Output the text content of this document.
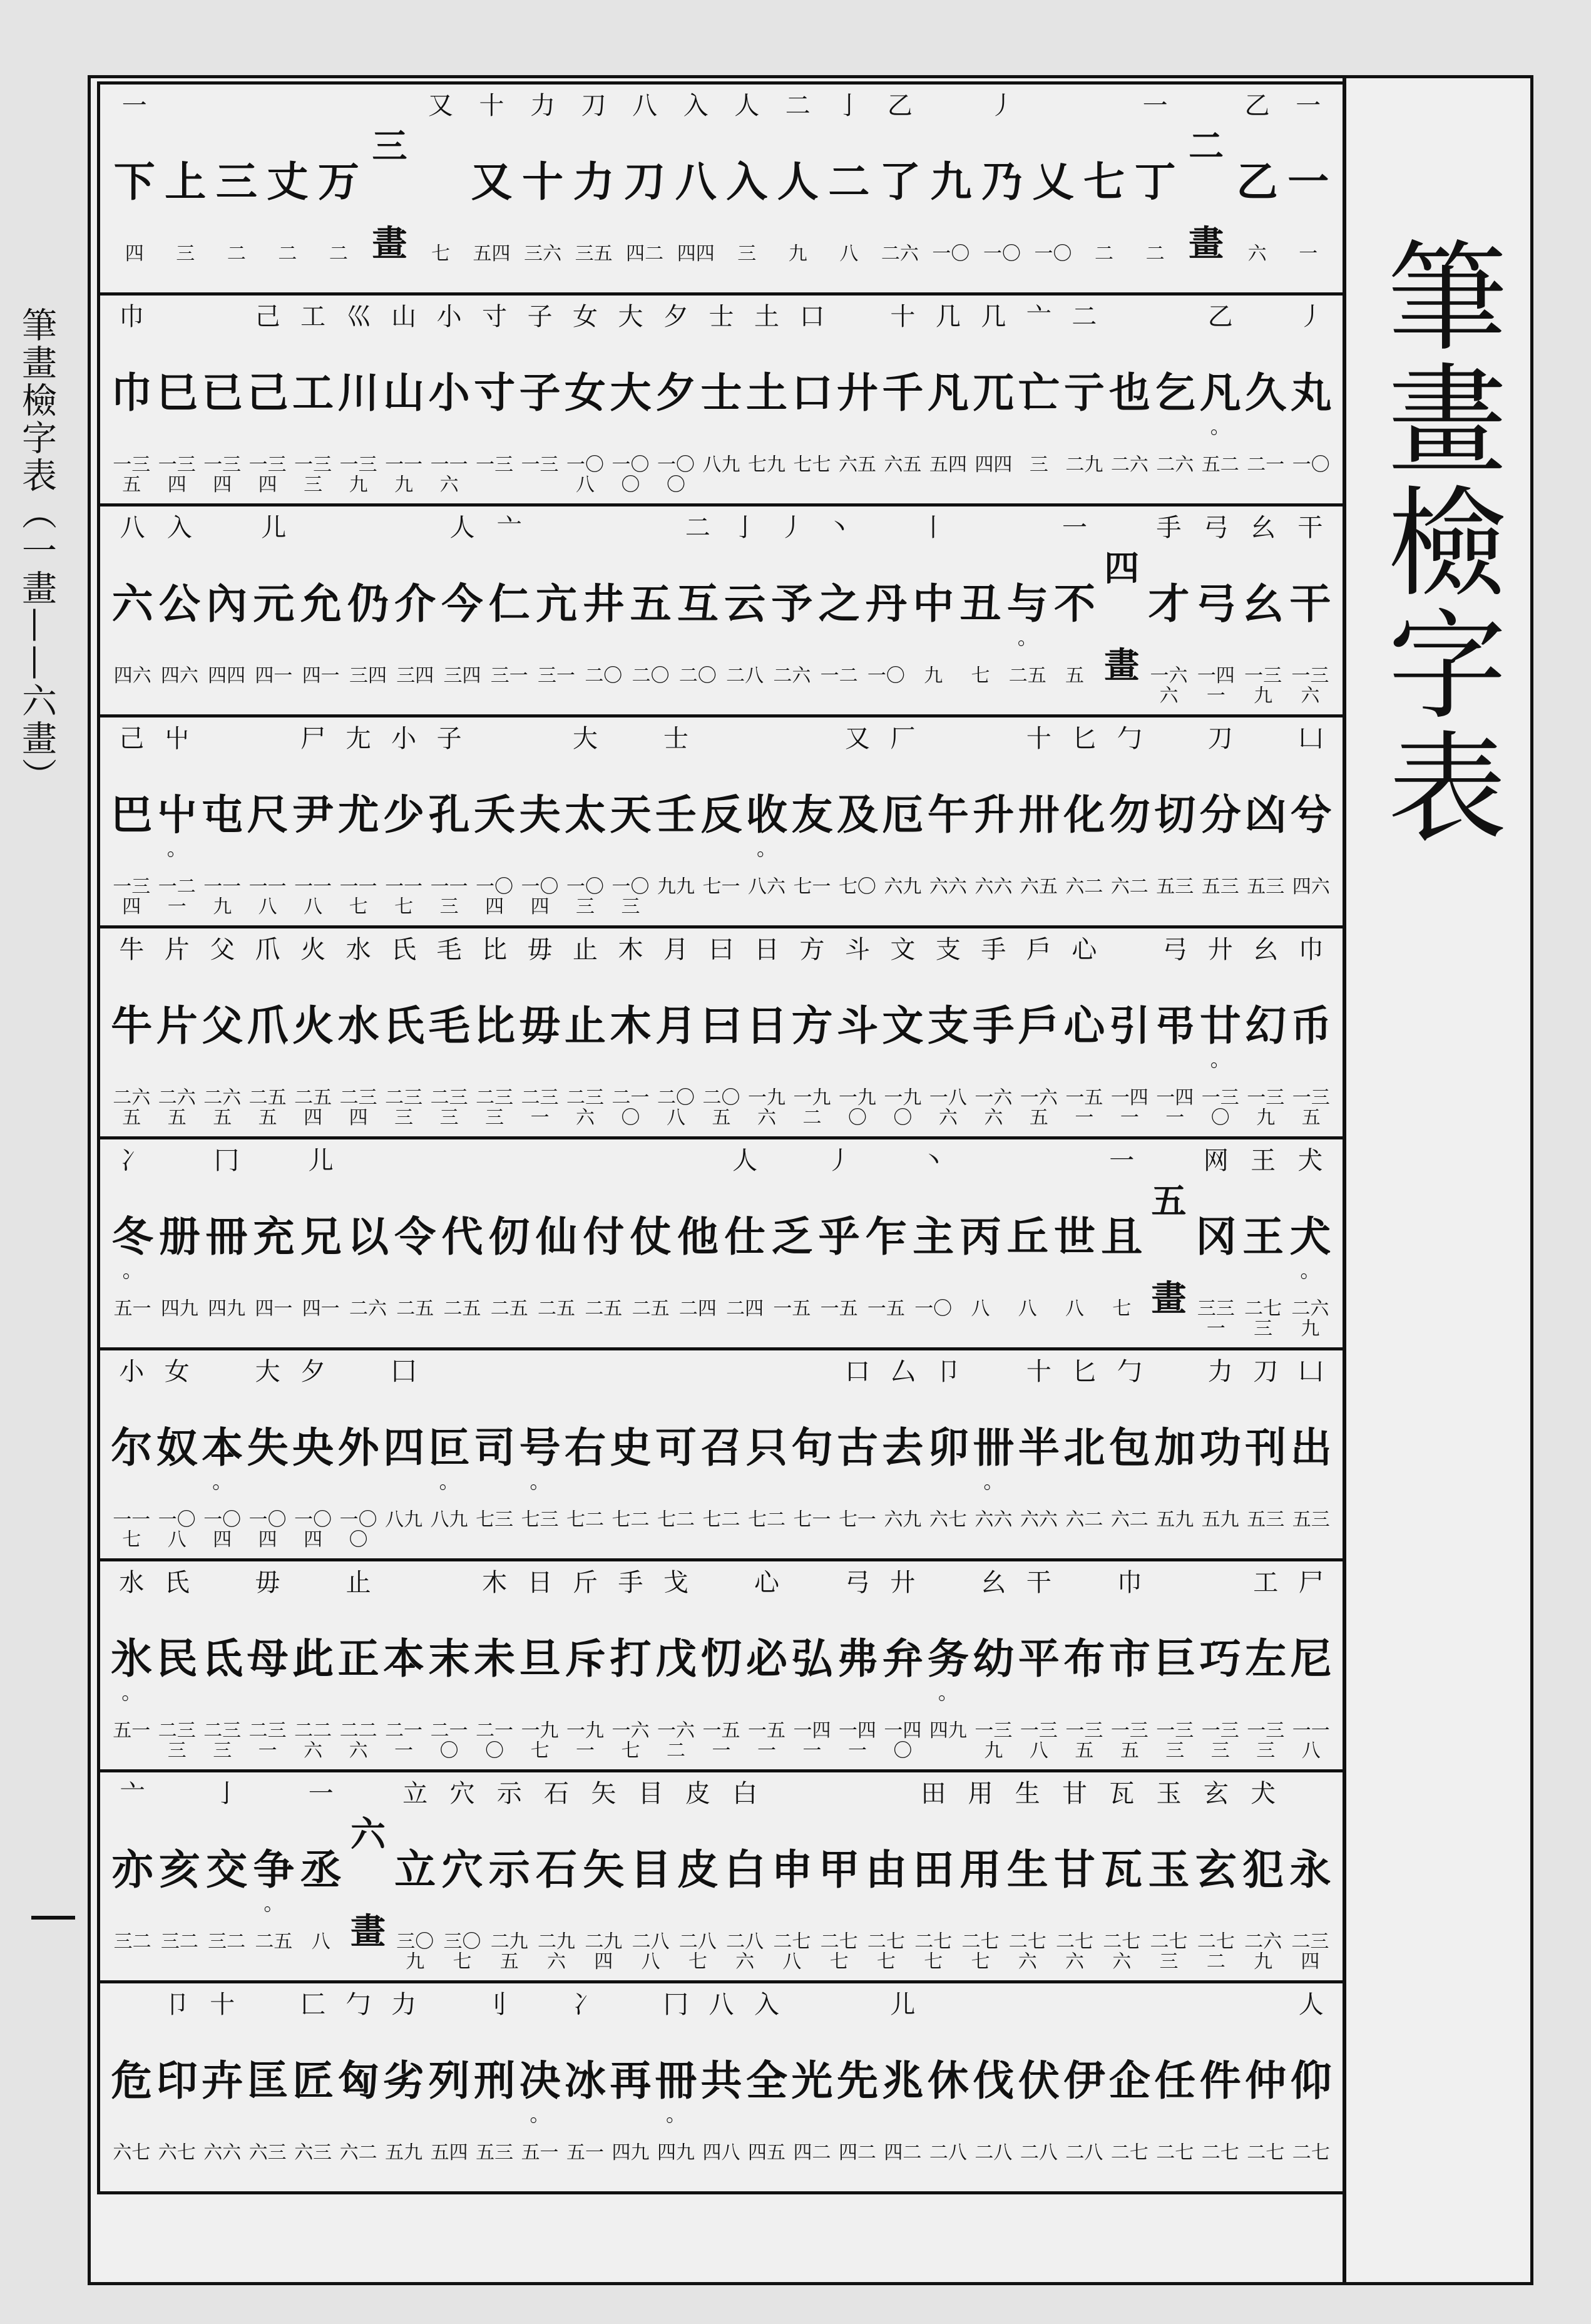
筆畫檢字表（一畫——六畫）
一
一
一
乙
乙
六
二
畫
一
丁
二
七
二
乂
一〇
丿
乃
一〇
九
一〇
乙
了
二六
亅
二
八
二
人
九
人
入
三
入
八
四四
八
刀
四二
刀
力
三五
力
十
三六
十
又
五四
又
七
三
畫
万
二
丈
二
三
二
上
三
一
下
四
丿
丸
一〇
久
二一
乙
凡
。
五二
乞
二六
也
二六
二
亍
二九
亠
亡
三
几
兀
四四
几
凡
五四
十
千
六五
廾
六五
口
口
七七
土
土
七九
士
士
八九
夕
夕
一〇〇
大
大
一〇〇
女
女
一〇八
子
子
一三
寸
寸
一三
小
小
一一六
山
山
一一九
巛
川
一三九
工
工
一三三
己
己
一三四
已
一三四
巳
一三四
巾
巾
一三五
干
干
一三六
幺
幺
一三九
弓
弓
一四一
手
才
一六六
四
畫
一
不
五
与
。
二五
丑
七
丨
中
九
丹
一〇
丶
之
一二
丿
予
二六
亅
云
二八
二
互
二〇
五
二〇
井
二〇
亢
三一
亠
仁
三一
人
今
三四
介
三四
仍
三四
允
四一
儿
元
四一
內
四四
入
公
四六
八
六
四六
凵
兮
四六
凶
五三
刀
分
五三
切
五三
勹
勿
六二
匕
化
六二
十
卅
六五
升
六六
午
六六
厂
厄
六九
又
及
七〇
友
七一
收
。
八六
反
七一
士
壬
九九
天
一〇三
大
太
一〇三
夫
一〇四
夭
一〇四
子
孔
一一三
小
少
一一七
尢
尤
一一七
尸
尹
一一八
尺
一一八
屯
一一九
屮
屮
。
一二一
己
巴
一三四
巾
币
一三五
幺
幻
一三九
廾
廿
。
一三〇
弓
弔
一四一
引
一四一
心
心
一五一
戶
戶
一六五
手
手
一六六
支
支
一八六
文
文
一九〇
斗
斗
一九〇
方
方
一九二
日
日
一九六
曰
曰
二〇五
月
月
二〇八
木
木
二一〇
止
止
二三六
毋
毋
二三一
比
比
二三三
毛
毛
二三三
氏
氏
二三三
水
水
二三四
火
火
二五四
爪
爪
二五五
父
父
二六五
片
片
二六五
牛
牛
二六五
犬
犬
。
二六九
王
王
二七三
网
冈
三三一
五
畫
一
且
七
世
八
丘
八
丙
八
丶
主
一〇
乍
一五
丿
乎
一五
乏
一五
人
仕
二四
他
二四
仗
二五
付
二五
仙
二五
仞
二五
代
二五
令
二五
以
二六
儿
兄
四一
充
四一
冂
冊
四九
册
四九
冫
冬
。
五一
凵
出
五三
刀
刊
五三
力
功
五九
加
五九
勹
包
六二
匕
北
六二
十
半
六六
卌
。
六六
卩
卯
六七
厶
去
六九
口
古
七一
句
七一
只
七二
召
七二
可
七二
史
七二
右
七二
号
。
七三
司
七三
叵
。
八九
囗
四
八九
外
一〇〇
夕
央
一〇四
大
失
一〇四
本
。
一〇四
女
奴
一〇八
小
尔
一一七
尸
尼
一一八
工
左
一三三
巧
一三三
巨
一三三
巾
市
一三五
布
一三五
干
平
一三八
幺
幼
一三九
务
。
四九
廾
弁
一四〇
弓
弗
一四一
弘
一四一
心
必
一五一
忉
一五一
戈
戊
一六二
手
打
一六七
斤
斥
一九一
日
旦
一九七
木
未
二一〇
末
二一〇
本
二一一
止
正
二二六
此
二二六
毋
母
二三一
氐
二三三
氏
民
二三三
水
氷
。
五一
永
二三四
犬
犯
二六九
玄
玄
二七二
玉
玉
二七三
瓦
瓦
二七六
甘
甘
二七六
生
生
二七六
用
用
二七七
田
田
二七七
由
二七七
甲
二七七
申
二七八
白
白
二八六
皮
皮
二八七
目
目
二八八
矢
矢
二九四
石
石
二九六
示
示
二九五
穴
穴
三〇七
立
立
三〇九
六
畫
一
丞
八
争
。
二五
亅
交
三二
亥
三二
亠
亦
三二
人
仰
二七
仲
二七
件
二七
任
二七
企
二七
伊
二八
伏
二八
伐
二八
休
二八
儿
兆
四二
先
四二
光
四二
入
全
四五
八
共
四八
冂
冊
。
四九
再
四九
冫
冰
五一
决
。
五一
刂
刑
五三
列
五四
力
劣
五九
勹
匈
六二
匚
匠
六三
匡
六三
十
卉
六六
卩
印
六七
危
六七
筆畫檢字表
